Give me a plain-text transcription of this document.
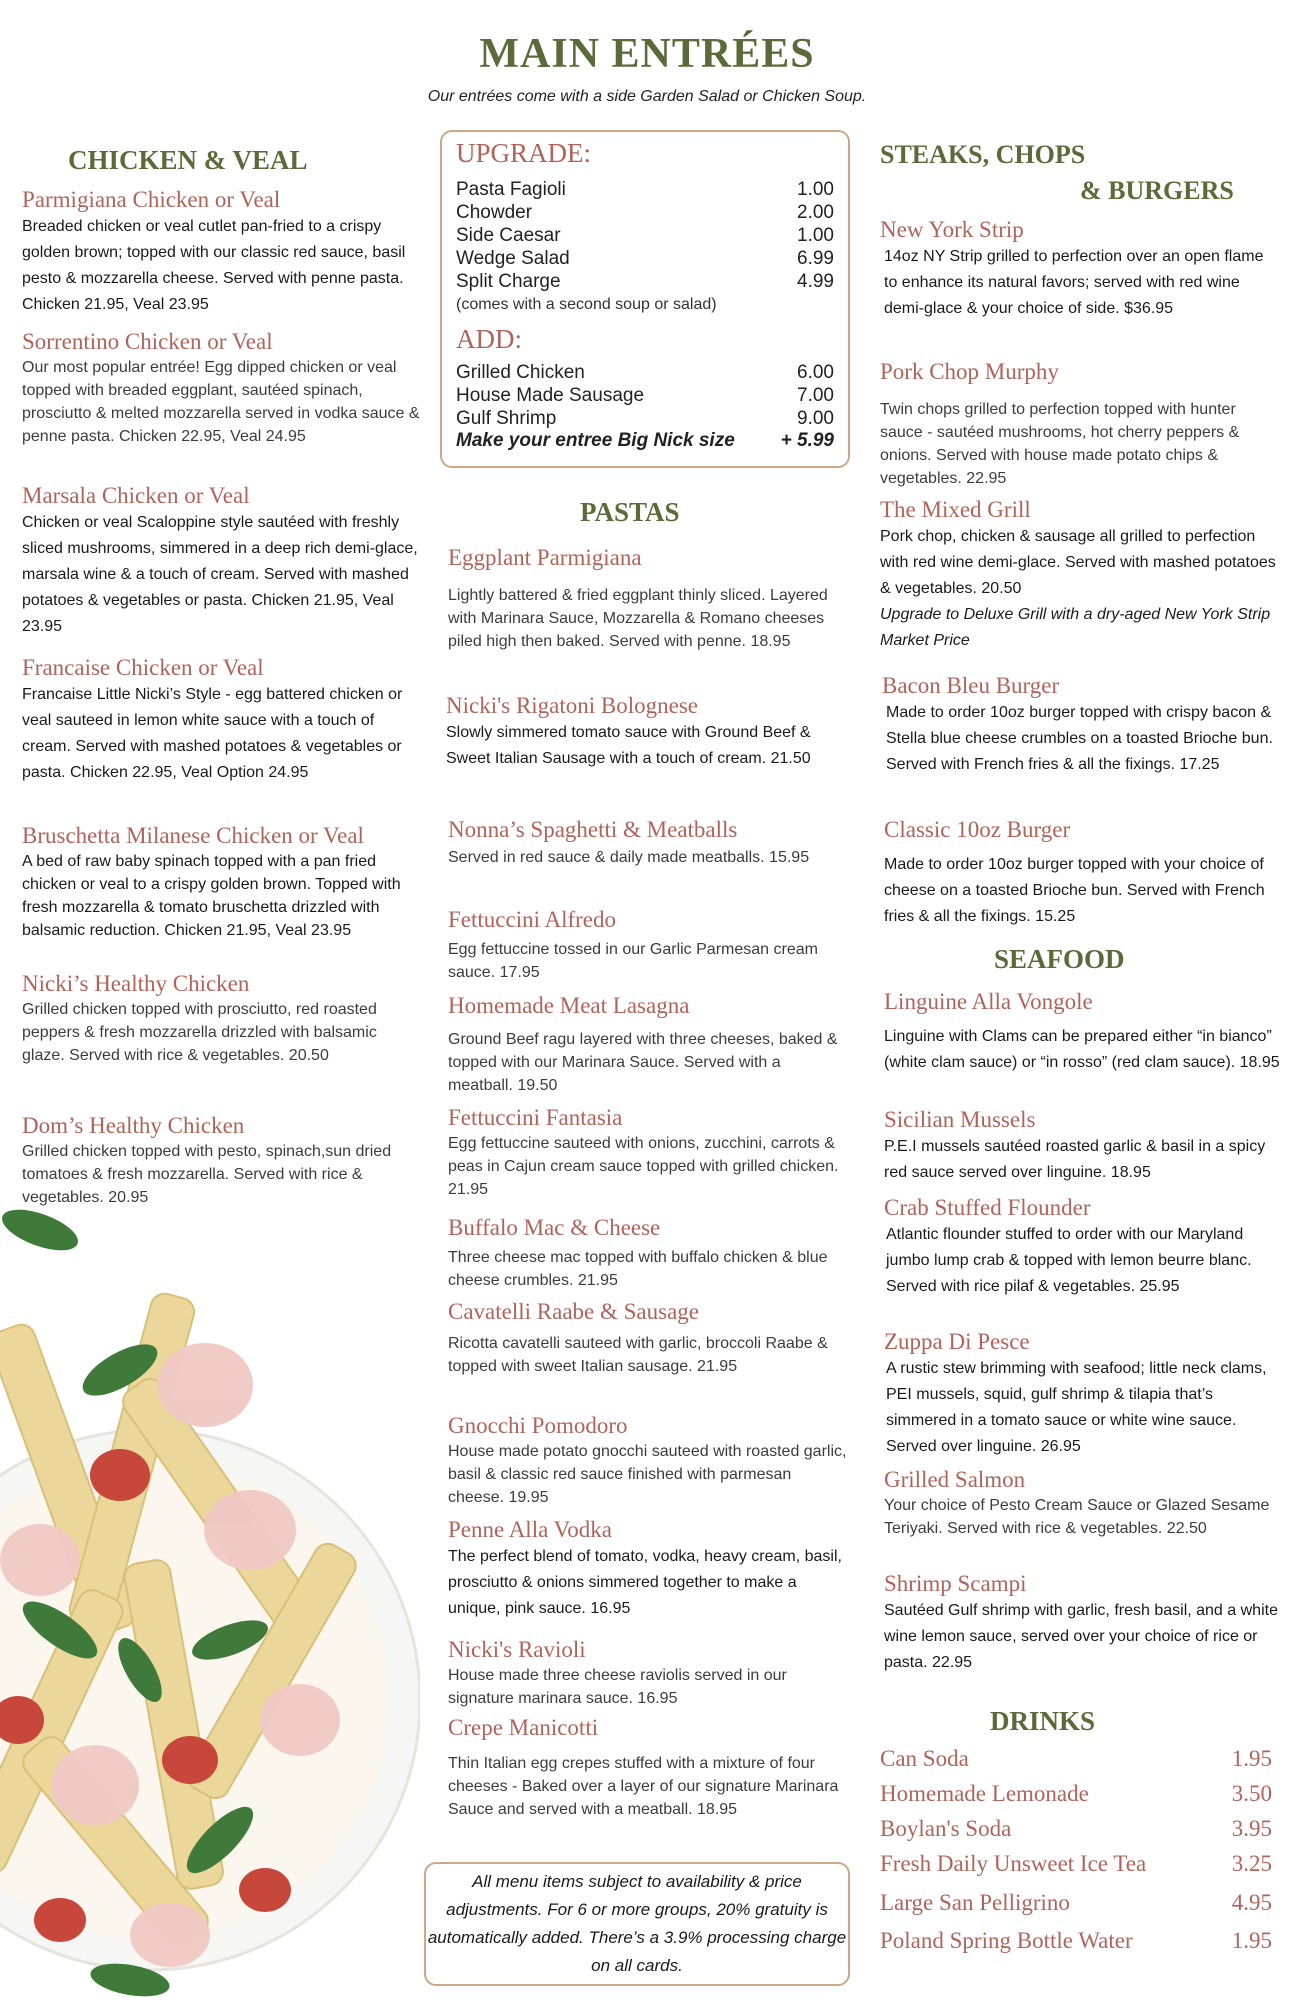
MAIN ENTRÉES
Our entrées come with a side Garden Salad or Chicken Soup.
CHICKEN & VEAL
Parmigiana Chicken or Veal
Breaded chicken or veal cutlet pan-fried to a crispy golden brown; topped with our classic red sauce, basil pesto & mozzarella cheese. Served with penne pasta. Chicken 21.95, Veal 23.95
Sorrentino Chicken or Veal
Our most popular entrée! Egg dipped chicken or veal topped with breaded eggplant, sautéed spinach, prosciutto & melted mozzarella served in vodka sauce & penne pasta. Chicken 22.95, Veal 24.95
Marsala Chicken or Veal
Chicken or veal Scaloppine style sautéed with freshly sliced mushrooms, simmered in a deep rich demi-glace, marsala wine & a touch of cream. Served with mashed potatoes & vegetables or pasta. Chicken 21.95, Veal 23.95
Francaise Chicken or Veal
Francaise Little Nicki’s Style - egg battered chicken or veal sauteed in lemon white sauce with a touch of cream. Served with mashed potatoes & vegetables or pasta. Chicken 22.95, Veal Option 24.95
Bruschetta Milanese Chicken or Veal
A bed of raw baby spinach topped with a pan fried chicken or veal to a crispy golden brown. Topped with fresh mozzarella & tomato bruschetta drizzled with balsamic reduction. Chicken 21.95, Veal 23.95
Nicki’s Healthy Chicken
Grilled chicken topped with prosciutto, red roasted peppers & fresh mozzarella drizzled with balsamic glaze. Served with rice & vegetables. 20.50
Dom’s Healthy Chicken
Grilled chicken topped with pesto, spinach,sun dried tomatoes & fresh mozzarella. Served with rice & vegetables. 20.95
UPGRADE:
Pasta Fagioli	1.00
Chowder	2.00
Side Caesar	1.00
Wedge Salad	6.99
Split Charge	4.99
(comes with a second soup or salad)
ADD:
Grilled Chicken	6.00
House Made Sausage	7.00
Gulf Shrimp	9.00
Make your entree Big Nick size + 5.99
PASTAS
Eggplant Parmigiana
Lightly battered & fried eggplant thinly sliced. Layered with Marinara Sauce, Mozzarella & Romano cheeses piled high then baked. Served with penne. 18.95
Nicki's Rigatoni Bolognese
Slowly simmered tomato sauce with Ground Beef & Sweet Italian Sausage with a touch of cream. 21.50
Nonna’s Spaghetti & Meatballs
Served in red sauce & daily made meatballs. 15.95
Fettuccini Alfredo
Egg fettuccine tossed in our Garlic Parmesan cream sauce. 17.95
Homemade Meat Lasagna
Ground Beef ragu layered with three cheeses, baked & topped with our Marinara Sauce. Served with a meatball. 19.50
Fettuccini Fantasia
Egg fettuccine sauteed with onions, zucchini, carrots & peas in Cajun cream sauce topped with grilled chicken. 21.95
Buffalo Mac & Cheese
Three cheese mac topped with buffalo chicken & blue cheese crumbles. 21.95
Cavatelli Raabe & Sausage
Ricotta cavatelli sauteed with garlic, broccoli Raabe & topped with sweet Italian sausage. 21.95
Gnocchi Pomodoro
House made potato gnocchi sauteed with roasted garlic, basil & classic red sauce finished with parmesan cheese. 19.95
Penne Alla Vodka
The perfect blend of tomato, vodka, heavy cream, basil, prosciutto & onions simmered together to make a unique, pink sauce. 16.95
Nicki's Ravioli
House made three cheese raviolis served in our signature marinara sauce. 16.95
Crepe Manicotti
Thin Italian egg crepes stuffed with a mixture of four cheeses - Baked over a layer of our signature Marinara Sauce and served with a meatball. 18.95
All menu items subject to availability & price adjustments. For 6 or more groups, 20% gratuity is automatically added. There’s a 3.9% processing charge on all cards.
STEAKS, CHOPS
& BURGERS
New York Strip
14oz NY Strip grilled to perfection over an open flame to enhance its natural favors; served with red wine demi-glace & your choice of side. $36.95
Pork Chop Murphy
Twin chops grilled to perfection topped with hunter sauce - sautéed mushrooms, hot cherry peppers & onions. Served with house made potato chips & vegetables. 22.95
The Mixed Grill
Pork chop, chicken & sausage all grilled to perfection with red wine demi-glace. Served with mashed potatoes & vegetables. 20.50
Upgrade to Deluxe Grill with a dry-aged New York Strip Market Price
Bacon Bleu Burger
Made to order 10oz burger topped with crispy bacon & Stella blue cheese crumbles on a toasted Brioche bun. Served with French fries & all the fixings. 17.25
Classic 10oz Burger
Made to order 10oz burger topped with your choice of cheese on a toasted Brioche bun. Served with French fries & all the fixings. 15.25
SEAFOOD
Linguine Alla Vongole
Linguine with Clams can be prepared either “in bianco” (white clam sauce) or “in rosso” (red clam sauce). 18.95
Sicilian Mussels
P.E.I mussels sautéed roasted garlic & basil in a spicy red sauce served over linguine. 18.95
Crab Stuffed Flounder
Atlantic flounder stuffed to order with our Maryland jumbo lump crab & topped with lemon beurre blanc. Served with rice pilaf & vegetables. 25.95
Zuppa Di Pesce
A rustic stew brimming with seafood; little neck clams, PEI mussels, squid, gulf shrimp & tilapia that’s simmered in a tomato sauce or white wine sauce. Served over linguine. 26.95
Grilled Salmon
Your choice of Pesto Cream Sauce or Glazed Sesame Teriyaki. Served with rice & vegetables. 22.50
Shrimp Scampi
Sautéed Gulf shrimp with garlic, fresh basil, and a white wine lemon sauce, served over your choice of rice or pasta. 22.95
DRINKS
Can Soda	1.95
Homemade Lemonade	3.50
Boylan's Soda	3.95
Fresh Daily Unsweet Ice Tea	3.25
Large San Pelligrino	4.95
Poland Spring Bottle Water	1.95
